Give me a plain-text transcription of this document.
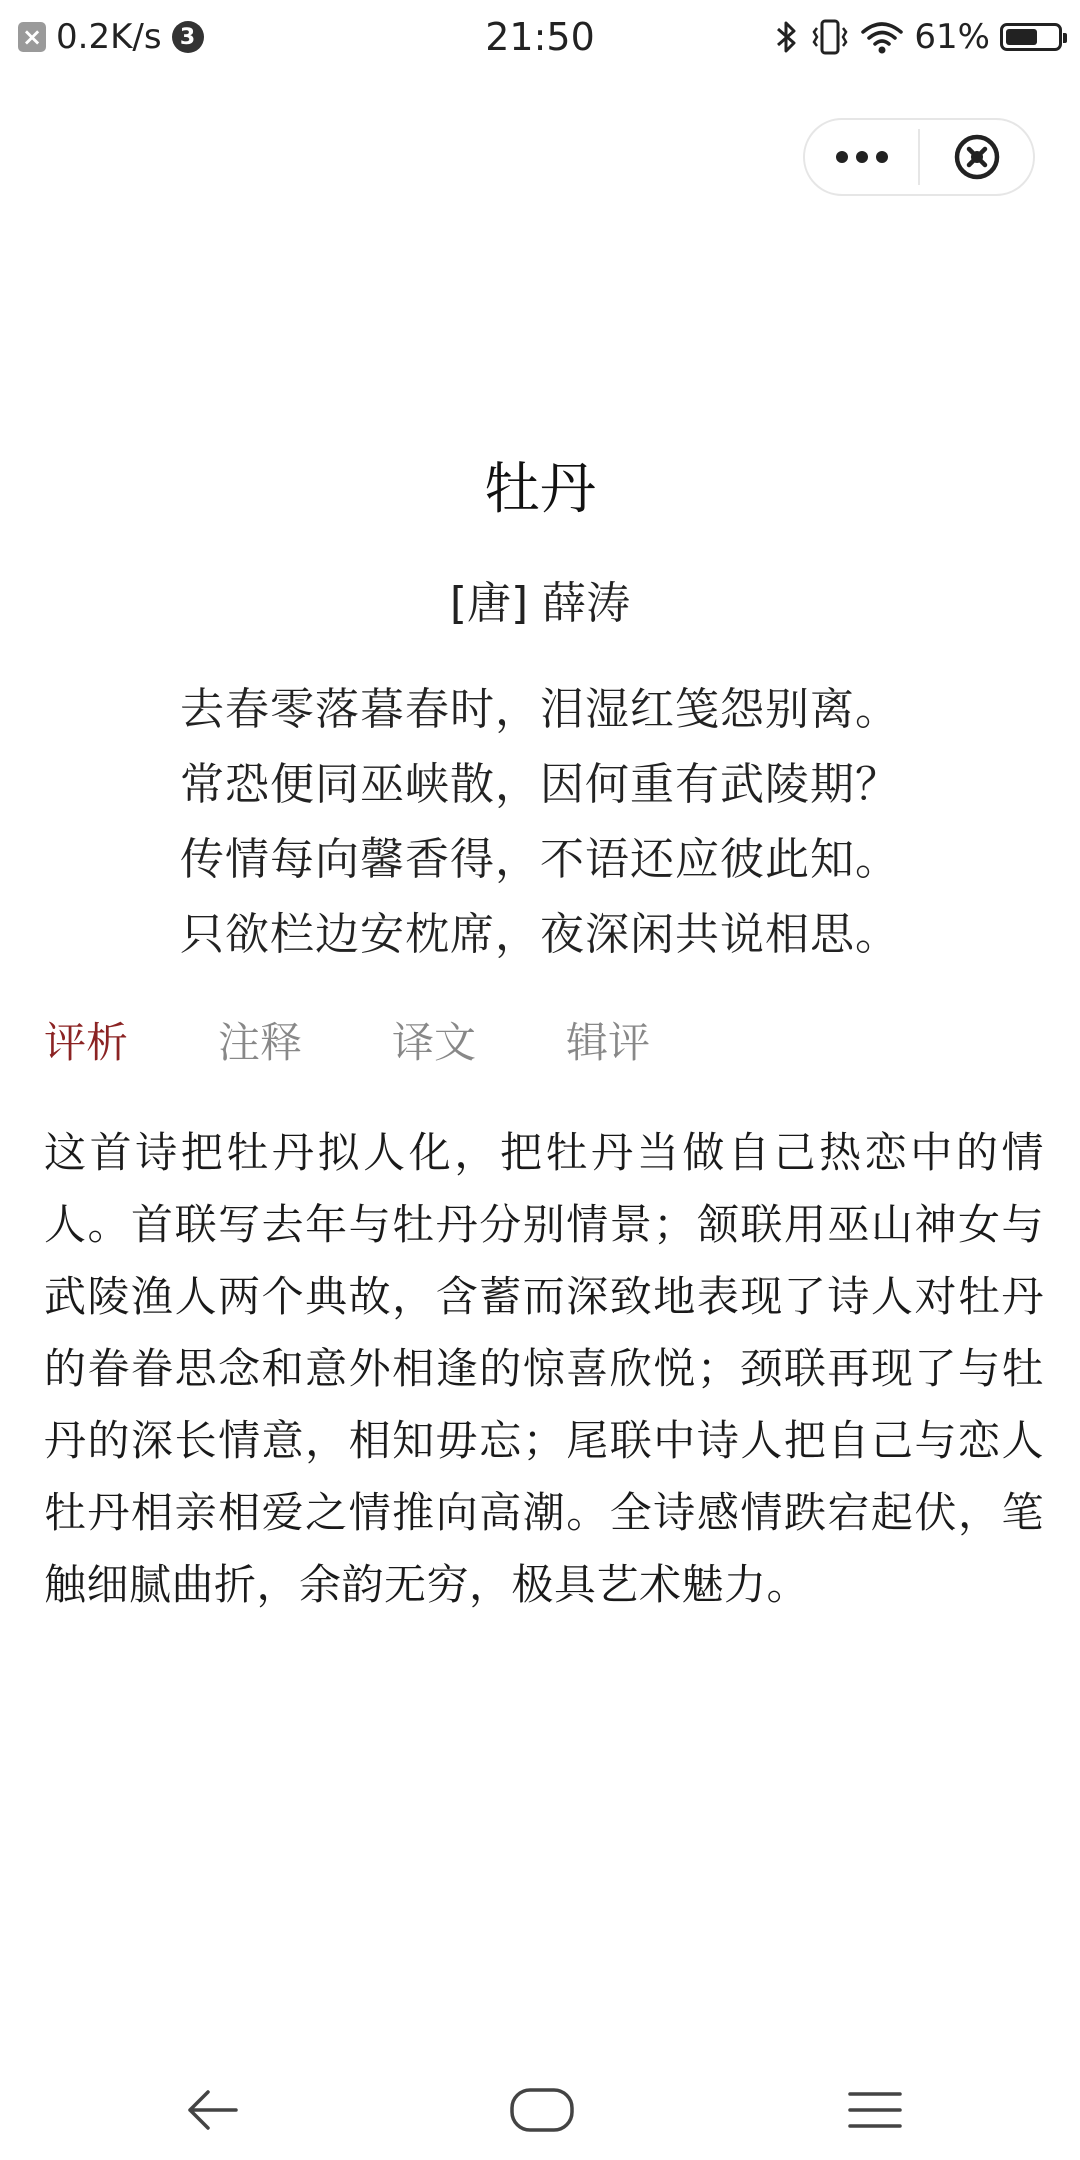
× 0.2K/s 3	21:50	61%
牡丹
[唐] 薛涛
去春零落暮春时，泪湿红笺怨别离。
常恐便同巫峡散，因何重有武陵期？
传情每向馨香得，不语还应彼此知。
只欲栏边安枕席，夜深闲共说相思。
评析	注释	译文	辑评
这首诗把牡丹拟人化，把牡丹当做自己热恋中的情人。首联写去年与牡丹分别情景；颔联用巫山神女与武陵渔人两个典故，含蓄而深致地表现了诗人对牡丹的眷眷思念和意外相逢的惊喜欣悦；颈联再现了与牡丹的深长情意，相知毋忘；尾联中诗人把自己与恋人牡丹相亲相爱之情推向高潮。全诗感情跌宕起伏，笔触细腻曲折，余韵无穷，极具艺术魅力。
